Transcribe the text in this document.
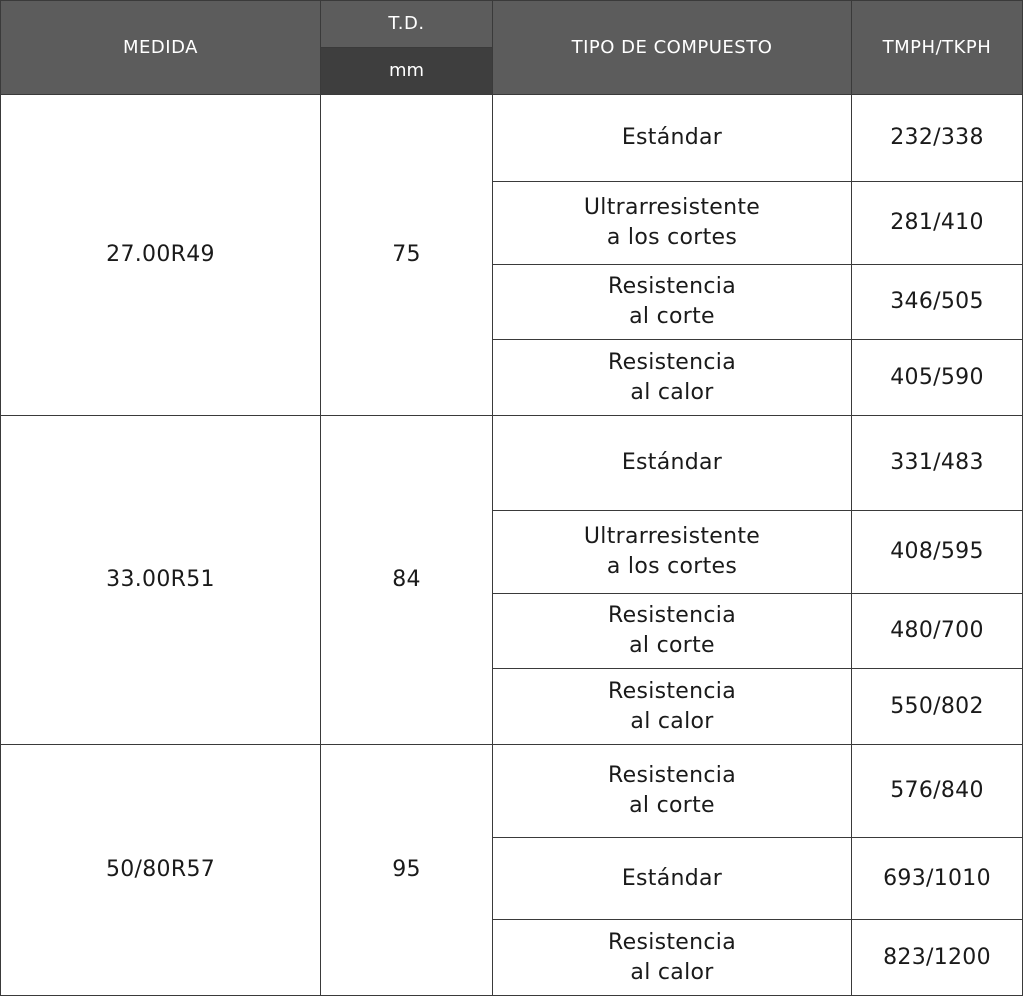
MEDIDA	T.D.	TIPO DE COMPUESTO	TMPH/TKPH
	mm		
27.00R49	75	Estándar	232/338

		Ultrarresistente
a los cortes	281/410

		Resistencia
al corte	346/505

		Resistencia
al calor	405/590
33.00R51	84	Estándar	331/483

		Ultrarresistente
a los cortes	408/595

		Resistencia
al corte	480/700

		Resistencia
al calor	550/802
50/80R57	95	Resistencia
al corte	576/840

		Estándar	693/1010

		Resistencia
al calor	823/1200
